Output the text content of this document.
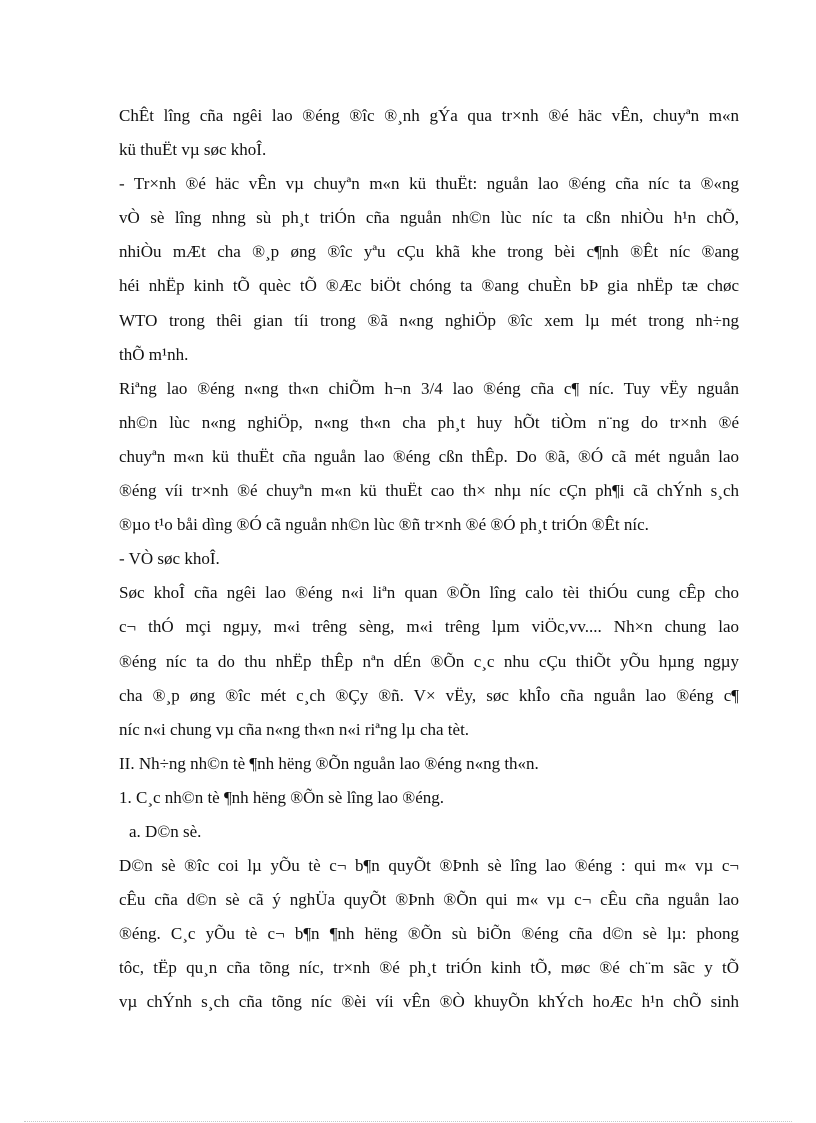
ChÊt lîng cña ngêi lao ®éng ®îc ®¸nh gÝa qua tr×nh ®é häc vÊn, chuyªn m«n
kü thuËt vµ søc khoÎ.
- Tr×nh ®é häc vÊn vµ chuyªn m«n kü thuËt: nguån lao ®éng cña níc ta ®«ng
vÒ sè lîng nhng sù ph¸t triÓn cña nguån nh©n lùc níc ta cßn nhiÒu h¹n chÕ,
nhiÒu mÆt cha ®¸p øng ®îc yªu cÇu khã khe trong bèi c¶nh ®Êt níc ®ang
héi nhËp kinh tÕ quèc tÕ ®Æc biÖt chóng ta ®ang chuÈn bÞ gia nhËp tæ chøc
WTO trong thêi gian tíi trong ®ã n«ng nghiÖp ®îc xem lµ mét trong nh÷ng
thÕ m¹nh.
Riªng lao ®éng n«ng th«n chiÕm h¬n 3/4 lao ®éng cña c¶ níc. Tuy vËy nguån
nh©n lùc n«ng nghiÖp, n«ng th«n cha ph¸t huy hÕt tiÒm n¨ng do tr×nh ®é
chuyªn m«n kü thuËt cña nguån lao ®éng cßn thÊp. Do ®ã, ®Ó cã mét nguån lao
®éng víi tr×nh ®é chuyªn m«n kü thuËt cao th× nhµ níc cÇn ph¶i cã chÝnh s¸ch
®µo t¹o båi dìng ®Ó cã nguån nh©n lùc ®ñ tr×nh ®é ®Ó ph¸t triÓn ®Êt níc.
- VÒ søc khoÎ.
Søc khoÎ cña ngêi lao ®éng n«i liªn quan ®Õn lîng calo tèi thiÓu cung cÊp cho
c¬ thÓ mçi ngµy, m«i trêng sèng, m«i trêng lµm viÖc,vv.... Nh×n chung lao
®éng níc ta do thu nhËp thÊp nªn dÉn ®Õn c¸c nhu cÇu thiÕt yÕu hµng ngµy
cha ®¸p øng ®îc mét c¸ch ®Çy ®ñ. V× vËy, søc khÎo cña nguån lao ®éng c¶
níc n«i chung vµ cña n«ng th«n n«i riªng lµ cha tèt.
II. Nh÷ng nh©n tè ¶nh hëng ®Õn nguån lao ®éng n«ng th«n.
1. C¸c nh©n tè ¶nh hëng ®Õn sè lîng lao ®éng.
a. D©n sè.
D©n sè ®îc coi lµ yÕu tè c¬ b¶n quyÕt ®Þnh sè lîng lao ®éng : qui m« vµ c¬
cÊu cña d©n sè cã ý nghÜa quyÕt ®Þnh ®Õn qui m« vµ c¬ cÊu cña nguån lao
®éng. C¸c yÕu tè c¬ b¶n ¶nh hëng ®Õn sù biÕn ®éng cña d©n sè lµ: phong
tôc, tËp qu¸n cña tõng níc, tr×nh ®é ph¸t triÓn kinh tÕ, møc ®é ch¨m sãc y tÕ
vµ chÝnh s¸ch cña tõng níc ®èi víi vÊn ®Ò khuyÕn khÝch hoÆc h¹n chÕ sinh
